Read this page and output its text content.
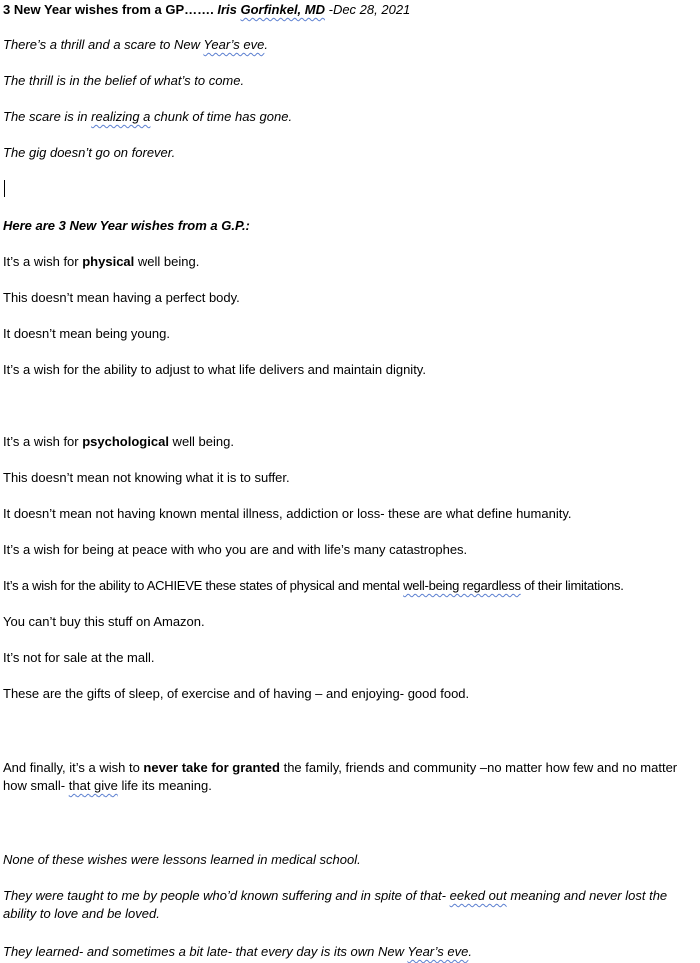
3 New Year wishes from a GP……. Iris Gorfinkel, MD -Dec 28, 2021
There’s a thrill and a scare to New Year’s eve.
The thrill is in the belief of what’s to come.
The scare is in realizing a chunk of time has gone.
The gig doesn’t go on forever.
Here are 3 New Year wishes from a G.P.:
It’s a wish for physical well being.
This doesn’t mean having a perfect body.
It doesn’t mean being young.
It’s a wish for the ability to adjust to what life delivers and maintain dignity.
It’s a wish for psychological well being.
This doesn’t mean not knowing what it is to suffer.
It doesn’t mean not having known mental illness, addiction or loss- these are what define humanity.
It’s a wish for being at peace with who you are and with life’s many catastrophes.
It’s a wish for the ability to ACHIEVE these states of physical and mental well-being regardless of their limitations.
You can’t buy this stuff on Amazon.
It’s not for sale at the mall.
These are the gifts of sleep, of exercise and of having – and enjoying- good food.
And finally, it’s a wish to never take for granted the family, friends and community –no matter how few and no matter how small- that give life its meaning.
None of these wishes were lessons learned in medical school.
They were taught to me by people who’d known suffering and in spite of that- eeked out meaning and never lost the ability to love and be loved.
They learned- and sometimes a bit late- that every day is its own New Year’s eve.
